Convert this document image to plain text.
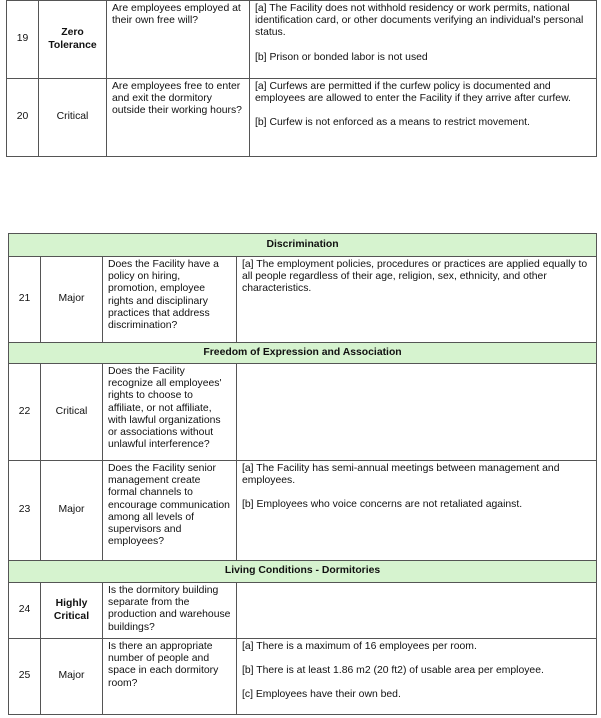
19	Zero Tolerance	Are employees employed at their own free will?	[a] The Facility does not withhold residency or work permits, national identification card, or other documents verifying an individual's personal status.
[b] Prison or bonded labor is not used

20	Critical	Are employees free to enter and exit the dormitory outside their working hours?	[a] Curfews are permitted if the curfew policy is documented and employees are allowed to enter the Facility if they arrive after curfew.
[b] Curfew is not enforced as a means to restrict movement.
Discrimination			
21	Major	Does the Facility have a policy on hiring, promotion, employee rights and disciplinary practices that address discrimination?	[a] The employment policies, procedures or practices are applied equally to all people regardless of their age, religion, sex, ethnicity, and other characteristics.

Freedom of Expression and Association			
22	Critical	Does the Facility recognize all employees' rights to choose to affiliate, or not affiliate, with lawful organizations or associations without unlawful interference?	
23	Major	Does the Facility senior management create formal channels to encourage communication among all levels of supervisors and employees?	[a] The Facility has semi-annual meetings between management and employees.
[b] Employees who voice concerns are not retaliated against.

Living Conditions - Dormitories			
24	Highly Critical	Is the dormitory building separate from the production and warehouse buildings?	
25	Major	Is there an appropriate number of people and space in each dormitory room?	[a] There is a maximum of 16 employees per room.
[b] There is at least 1.86 m2 (20 ft2) of usable area per employee.
[c] Employees have their own bed.
